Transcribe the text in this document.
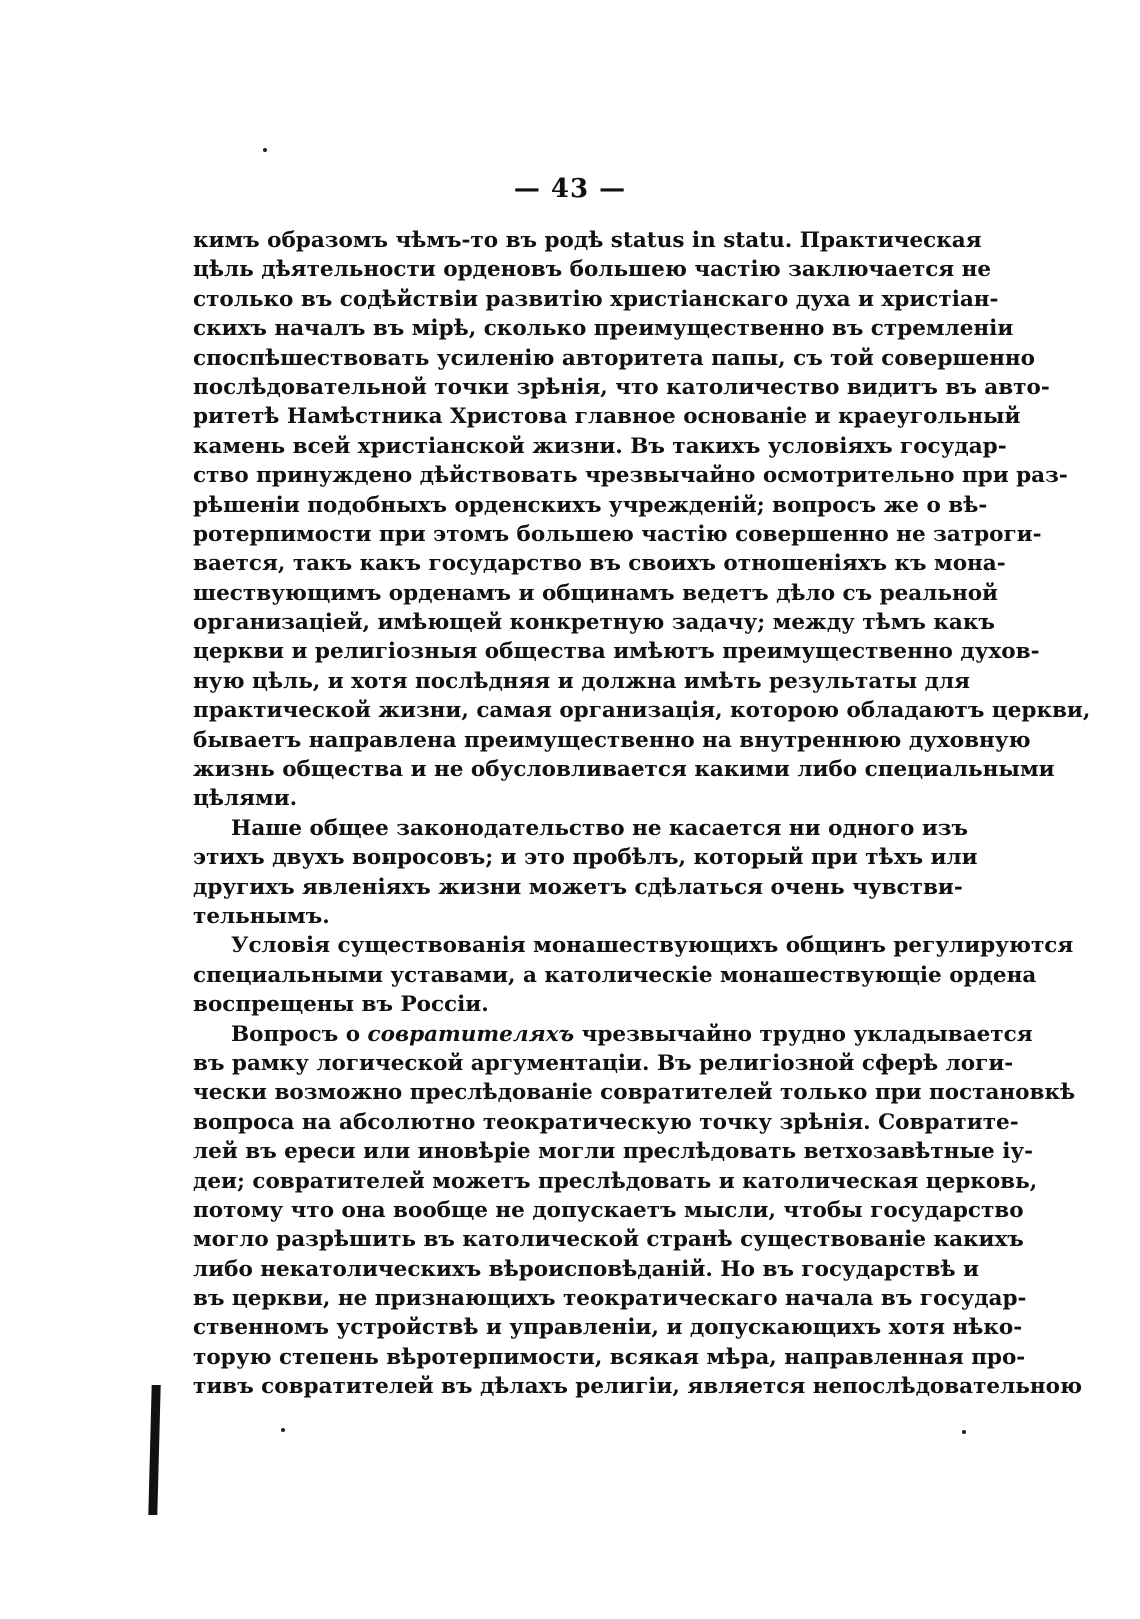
— 43 —
кимъ образомъ чѣмъ-то въ родѣ status in statu. Практическая
цѣль дѣятельности орденовъ большею частію заключается не
столько въ содѣйствіи развитію христіанскаго духа и христіан-
скихъ началъ въ мірѣ, сколько преимущественно въ стремленіи
споспѣшествовать усиленію авторитета папы, съ той совершенно
послѣдовательной точки зрѣнія, что католичество видитъ въ авто-
ритетѣ Намѣстника Христова главное основаніе и краеугольный
камень всей христіанской жизни. Въ такихъ условіяхъ государ-
ство принуждено дѣйствовать чрезвычайно осмотрительно при раз-
рѣшеніи подобныхъ орденскихъ учрежденій; вопросъ же о вѣ-
ротерпимости при этомъ большею частію совершенно не затроги-
вается, такъ какъ государство въ своихъ отношеніяхъ къ мона-
шествующимъ орденамъ и общинамъ ведетъ дѣло съ реальной
организаціей, имѣющей конкретную задачу; между тѣмъ какъ
церкви и религіозныя общества имѣютъ преимущественно духов-
ную цѣль, и хотя послѣдняя и должна имѣть результаты для
практической жизни, самая организація, которою обладаютъ церкви,
бываетъ направлена преимущественно на внутреннюю духовную
жизнь общества и не обусловливается какими либо специальными
цѣлями.
Наше общее законодательство не касается ни одного изъ
этихъ двухъ вопросовъ; и это пробѣлъ, который при тѣхъ или
другихъ явленіяхъ жизни можетъ сдѣлаться очень чувстви-
тельнымъ.
Условія существованія монашествующихъ общинъ регулируются
специальными уставами, а католическіе монашествующіе ордена
воспрещены въ Россіи.
Вопросъ о совратителяхъ чрезвычайно трудно укладывается
въ рамку логической аргументаціи. Въ религіозной сферѣ логи-
чески возможно преслѣдованіе совратителей только при постановкѣ
вопроса на абсолютно теократическую точку зрѣнія. Совратите-
лей въ ереси или иновѣріе могли преслѣдовать ветхозавѣтные іу-
деи; совратителей можетъ преслѣдовать и католическая церковь,
потому что она вообще не допускаетъ мысли, чтобы государство
могло разрѣшить въ католической странѣ существованіе какихъ
либо некатолическихъ вѣроисповѣданій. Но въ государствѣ и
въ церкви, не признающихъ теократическаго начала въ государ-
ственномъ устройствѣ и управленіи, и допускающихъ хотя нѣко-
торую степень вѣротерпимости, всякая мѣра, направленная про-
тивъ совратителей въ дѣлахъ религіи, является непослѣдовательною
